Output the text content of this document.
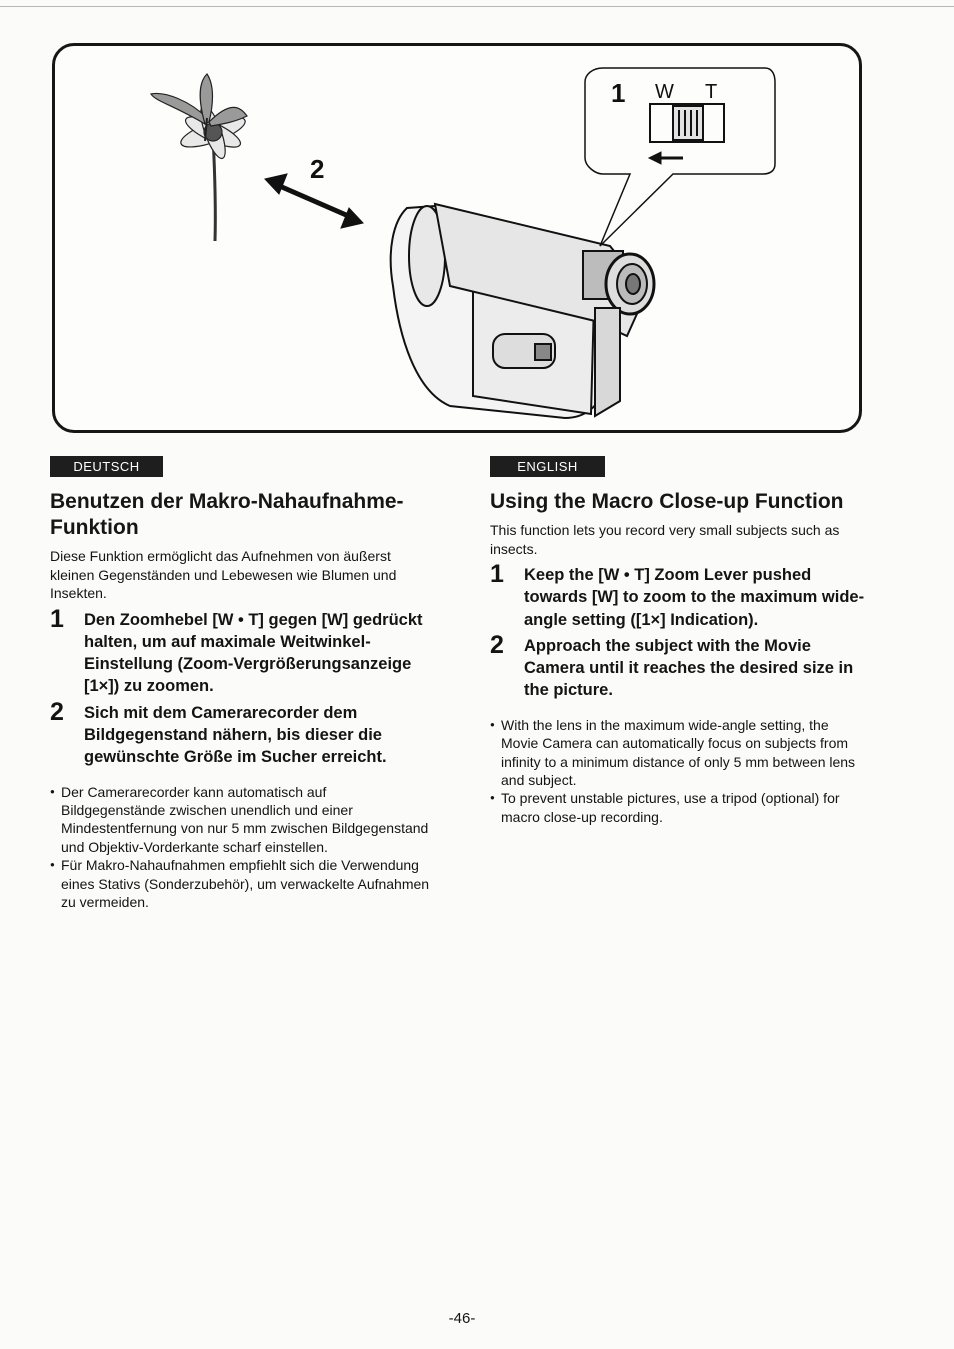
2
1 W T
DEUTSCH
Benutzen der Makro-Nahaufnahme-Funktion

Diese Funktion ermöglicht das Aufnehmen von äußerst kleinen Gegenständen und Lebewesen wie Blumen und Insekten.

1 Den Zoomhebel [W • T] gegen [W] gedrückt halten, um auf maximale Weitwinkel-Einstellung (Zoom-Vergrößerungsanzeige [1×]) zu zoomen.
2 Sich mit dem Camerarecorder dem Bildgegenstand nähern, bis dieser die gewünschte Größe im Sucher erreicht.
● Der Camerarecorder kann automatisch auf Bildgegenstände zwischen unendlich und einer Mindestentfernung von nur 5 mm zwischen Bildgegenstand und Objektiv-Vorderkante scharf einstellen.
● Für Makro-Nahaufnahmen empfiehlt sich die Verwendung eines Stativs (Sonderzubehör), um verwackelte Aufnahmen zu vermeiden.
ENGLISH
Using the Macro Close-up Function

This function lets you record very small subjects such as insects.

1 Keep the [W • T] Zoom Lever pushed towards [W] to zoom to the maximum wide-angle setting ([1×] Indication).
2 Approach the subject with the Movie Camera until it reaches the desired size in the picture.
● With the lens in the maximum wide-angle setting, the Movie Camera can automatically focus on subjects from infinity to a minimum distance of only 5 mm between lens and subject.
● To prevent unstable pictures, use a tripod (optional) for macro close-up recording.
-46-
